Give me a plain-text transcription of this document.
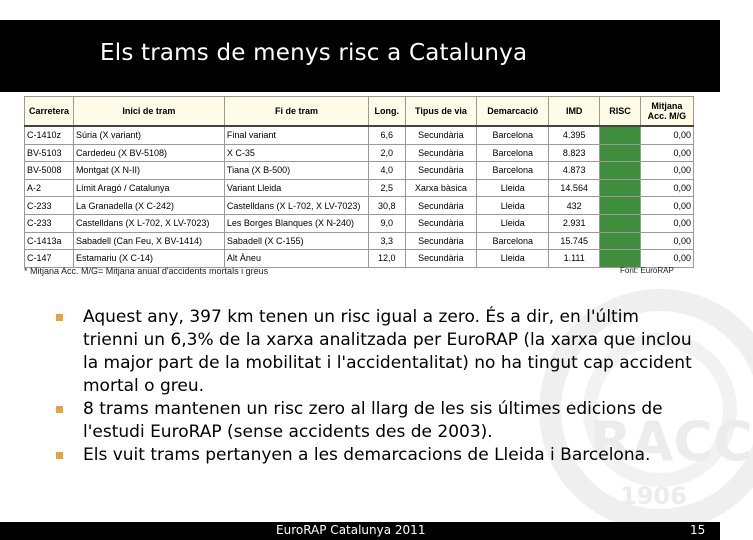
RACC
1906
Els trams de menys risc a Catalunya
Carretera	Inici de tram	Fi de tram	Long.	Tipus de via	Demarcació	IMD	RISC	Mitjana Acc. M/G
C-1410z	Súria (X variant)	Final variant	6,6	Secundària	Barcelona	4.395		0,00
BV-5103	Cardedeu (X BV-5108)	X C-35	2,0	Secundària	Barcelona	8.823		0,00
BV-5008	Montgat (X N-II)	Tiana (X B-500)	4,0	Secundària	Barcelona	4.873		0,00
A-2	Límit Aragó / Catalunya	Variant Lleida	2,5	Xarxa bàsica	Lleida	14.564		0,00
C-233	La Granadella (X C-242)	Castelldans (X L-702, X LV-7023)	30,8	Secundària	Lleida	432		0,00
C-233	Castelldans (X L-702, X LV-7023)	Les Borges Blanques (X N-240)	9,0	Secundària	Lleida	2.931		0,00
C-1413a	Sabadell (Can Feu, X BV-1414)	Sabadell (X C-155)	3,3	Secundària	Barcelona	15.745		0,00
C-147	Estamariu (X C-14)	Alt Àneu	12,0	Secundària	Lleida	1.111		0,00
* Mitjana Acc. M/G= Mitjana anual d'accidents mortals i greus	Font: EuroRAP
Aquest any, 397 km tenen un risc igual a zero. És a dir, en l'últim trienni un 6,3% de la xarxa analitzada per EuroRAP (la xarxa que inclou la major part de la mobilitat i l'accidentalitat) no ha tingut cap accident mortal o greu.
8 trams mantenen un risc zero al llarg de les sis últimes edicions de l'estudi EuroRAP (sense accidents des de 2003).
Els vuit trams pertanyen a les demarcacions de Lleida i Barcelona.
EuroRAP Catalunya 2011	15
